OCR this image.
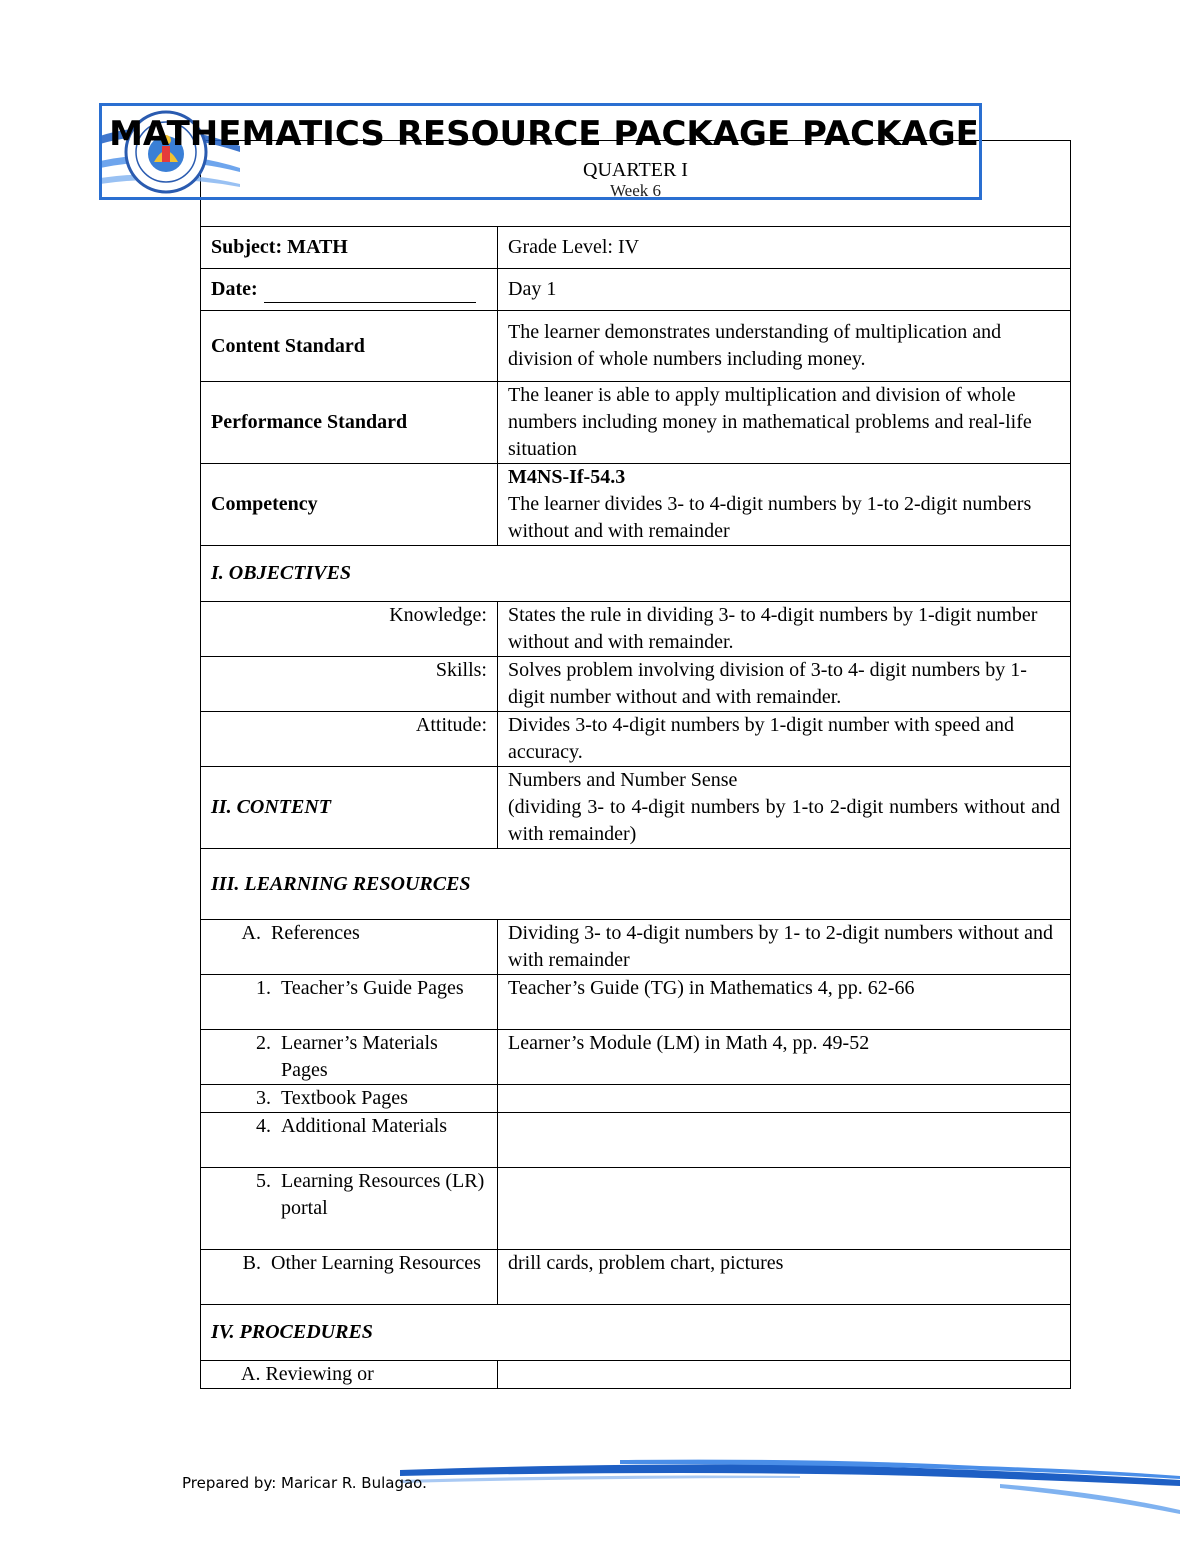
MATHEMATICS RESOURCE PACKAGE PACKAGE
QUARTER I
Week 6	

Subject: MATH	Grade Level: IV
Date:	Day 1
Content Standard	The learner demonstrates understanding of multiplication and division of whole numbers including money.
Performance Standard	The leaner is able to apply multiplication and division of whole numbers including money in mathematical problems and real-life situation
Competency	M4NS-If-54.3
The learner divides 3- to 4-digit numbers by 1-to 2-digit numbers without and with remainder

I. OBJECTIVES	
Knowledge:	States the rule in dividing 3- to 4-digit numbers by 1-digit number without and with remainder.
Skills:	Solves problem involving division of 3-to 4- digit numbers by 1-digit number without and with remainder.
Attitude:	Divides 3-to 4-digit numbers by 1-digit number with speed and accuracy.
II. CONTENT	Numbers and Number Sense
(dividing 3- to 4-digit numbers by 1-to 2-digit numbers without and with remainder)

III. LEARNING RESOURCES	

A. References	Dividing 3- to 4-digit numbers by 1- to 2-digit numbers without and with remainder

1. Teacher’s Guide Pages	Teacher’s Guide (TG) in Mathematics 4, pp. 62-66

2. Learner’s Materials Pages	Learner’s Module (LM) in Math 4, pp. 49-52

3. Textbook Pages	

4. Additional Materials	

5. Learning Resources (LR) portal	

B. Other Learning Resources	drill cards, problem chart, pictures
IV. PROCEDURES	
A. Reviewing or	
Prepared by: Maricar R. Bulagao.
